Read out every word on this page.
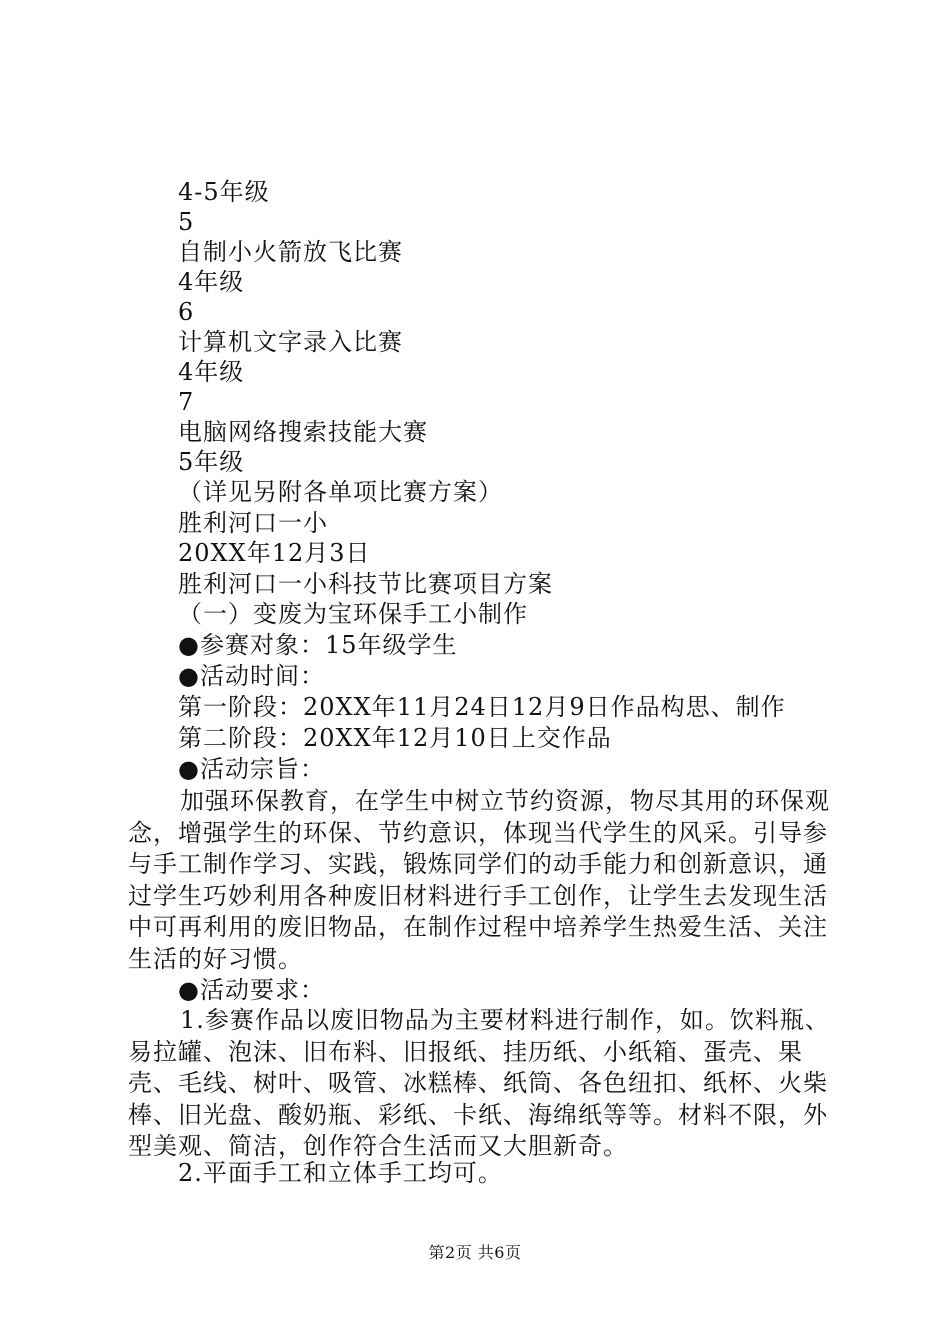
4-5年级
5
自制小火箭放飞比赛
4年级
6
计算机文字录入比赛
4年级
7
电脑网络搜索技能大赛
5年级
（详见另附各单项比赛方案）
胜利河口一小
20XX年12月3日
胜利河口一小科技节比赛项目方案
（一）变废为宝环保手工小制作
●参赛对象：15年级学生
●活动时间：
第一阶段：20XX年11月24日12月9日作品构思、制作
第二阶段：20XX年12月10日上交作品
●活动宗旨：
加强环保教育，在学生中树立节约资源，物尽其用的环保观念，增强学生的环保、节约意识，体现当代学生的风采。引导参与手工制作学习、实践，锻炼同学们的动手能力和创新意识，通过学生巧妙利用各种废旧材料进行手工创作，让学生去发现生活中可再利用的废旧物品，在制作过程中培养学生热爱生活、关注生活的好习惯。
●活动要求：
1.参赛作品以废旧物品为主要材料进行制作，如。饮料瓶、易拉罐、泡沫、旧布料、旧报纸、挂历纸、小纸箱、蛋壳、果壳、毛线、树叶、吸管、冰糕棒、纸筒、各色纽扣、纸杯、火柴棒、旧光盘、酸奶瓶、彩纸、卡纸、海绵纸等等。材料不限，外型美观、简洁，创作符合生活而又大胆新奇。
2.平面手工和立体手工均可。
第2页 共6页
